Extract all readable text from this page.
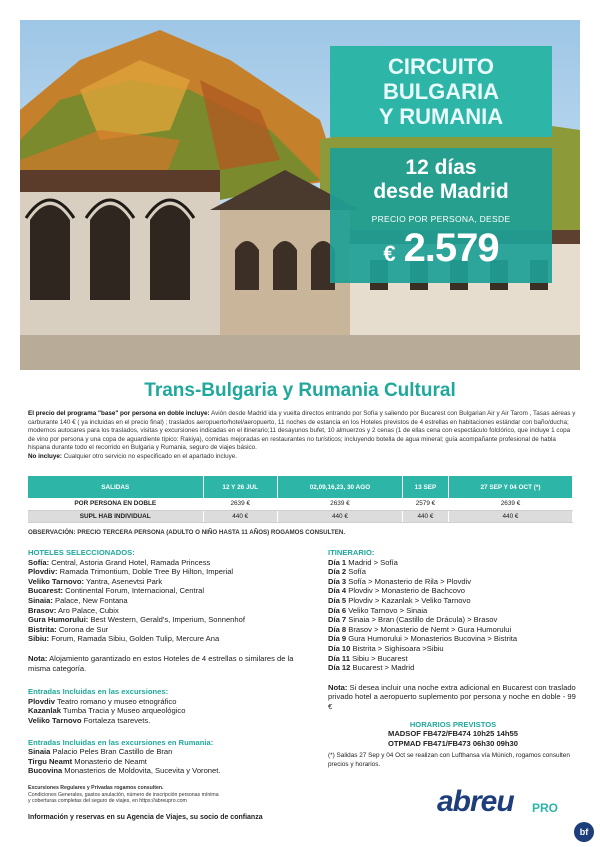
CIRCUITO
BULGARIA
Y RUMANIA
12 días
desde Madrid
PRECIO POR PERSONA, DESDE
€ 2.579
Trans-Bulgaria y Rumania Cultural
El precio del programa "base" por persona en doble incluye: Avión desde Madrid ida y vuelta directos entrando por Sofía y saliendo por Bucarest con Bulgarian Air y Air Tarom , Tasas aéreas y carburante 140 € ( ya incluidas en el precio final) ; traslados aeropuerto/hotel/aeropuerto, 11 noches de estancia en los Hoteles previstos de 4 estrellas en habitaciones estándar con baño/ducha; modernos autocares para los traslados, visitas y excursiones indicadas en el itinerario;11 desayunos bufet, 10 almuerzos y 2 cenas (1 de ellas cena con espectáculo folclórico, que incluye 1 copa de vino por persona y una copa de aguardiente típico: Rakiya), comidas mejoradas en restaurantes no turísticos; incluyendo botella de agua mineral; guía acompañante profesional de habla hispana durante todo el recorrido en Bulgaria y Rumania, seguro de viajes básico.
No incluye: Cualquier otro servicio no especificado en el apartado incluye.
SALIDAS	12 Y 26 JUL	02,09,16,23, 30 AGO	13 SEP	27 SEP Y 04 OCT (*)
POR PERSONA EN DOBLE	2639 €	2639 €	2579 €	2639 €
SUPL HAB INDIVIDUAL	440 €	440 €	440 €	440 €
OBSERVACIÓN: PRECIO TERCERA PERSONA (ADULTO O NIÑO HASTA 11 AÑOS) ROGAMOS CONSULTEN.
HOTELES SELECCIONADOS:
Sofía: Central, Astoria Grand Hotel, Ramada Princess
Plovdiv: Ramada Trimontium, Doble Tree By Hilton, Imperial
Veliko Tarnovo: Yantra, Asenevtsi Park
Bucarest: Continental Forum, Internacional, Central
Sinaia: Palace, New Fontana
Brasov: Aro Palace, Cubix
Gura Humorului: Best Western, Gerald's, Imperium, Sonnenhof
Bistrita: Corona de Sur
Sibiu: Forum, Ramada Sibiu, Golden Tulip, Mercure Ana
Nota: Alojamiento garantizado en estos Hoteles de 4 estrellas o similares de la misma categoría.
Entradas Incluidas en las excursiones:
Plovdiv Teatro romano y museo etnográfico
Kazanlak Tumba Tracia y Museo arqueológico
Veliko Tarnovo Fortaleza tsarevets.
Entradas Incluidas en las excursiones en Rumania:
Sinaia Palacio Peles Bran Castillo de Bran
Tirgu Neamt Monasterio de Neamt
Bucovina Monasterios de Moldovita, Sucevita y Voronet.
ITINERARIO:
Día 1 Madrid > Sofía
Día 2 Sofía
Día 3 Sofía > Monasterio de Rila > Plovdiv
Día 4 Plovdiv > Monasterio de Bachcovo
Día 5 Plovdiv > Kazanlak > Veliko Tarnovo
Día 6 Veliko Tarnovo > Sinaia
Día 7 Sinaia > Bran (Castillo de Drácula) > Brasov
Día 8 Brasov > Monasterio de Nemt > Gura Humorului
Día 9 Gura Humorului > Monasterios Bucovina > Bistrita
Día 10 Bistrita > Sighisoara >Sibiu
Día 11 Sibiu > Bucarest
Día 12 Bucarest > Madrid
Nota: Si desea incluir una noche extra adicional en Bucarest con traslado privado hotel a aeropuerto suplemento por persona y noche en doble - 99 €
HORARIOS PREVISTOS
MADSOF FB472/FB474 10h25 14h55
OTPMAD FB471/FB473 06h30 09h30
(*) Salidas 27 Sep y 04 Oct se realizan con Lufthansa vía Múnich, rogamos consulten precios y horarios.
Excursiones Regulares y Privadas rogamos consulten.
Condiciones Generales, gastos anulación, número de inscripción personas mínima
y coberturas completas del seguro de viajes, en https://abreupro.com
Información y reservas en su Agencia de Viajes, su socio de confianza	abreu PRO
bf
